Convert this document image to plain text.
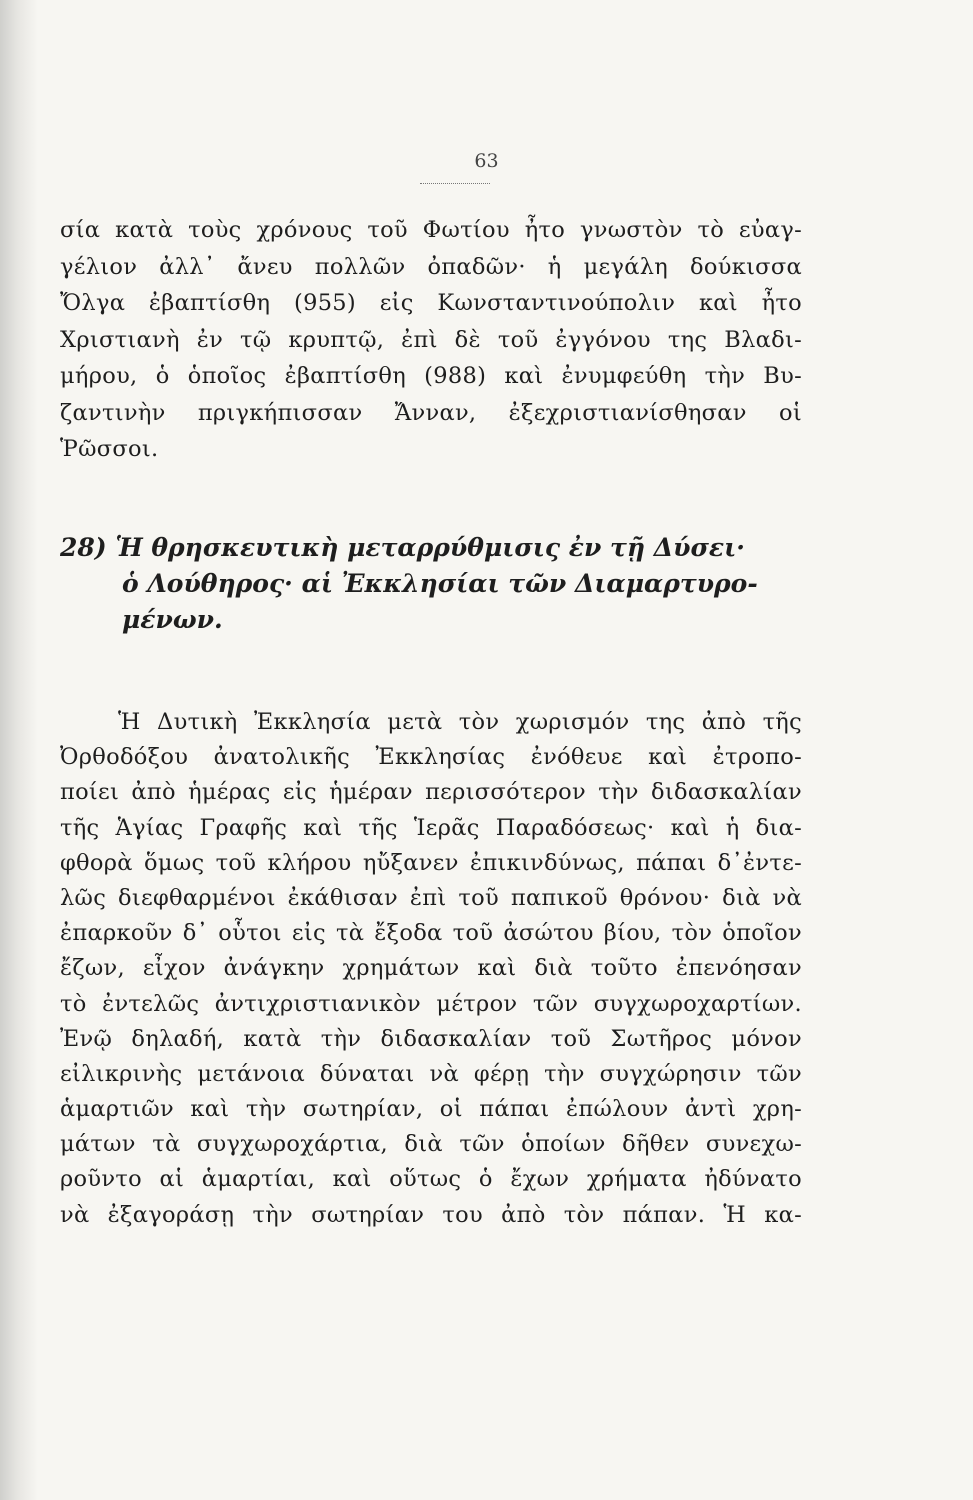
63
σία κατὰ τοὺς χρόνους τοῦ Φωτίου ἦτο γνωστὸν τὸ εὐαγ-
γέλιον ἀλλ᾽ ἄνευ πολλῶν ὀπαδῶν· ἡ μεγάλη δούκισσα
Ὄλγα ἐβαπτίσθη (955) εἰς Κωνσταντινούπολιν καὶ ἦτο
Χριστιανὴ ἐν τῷ κρυπτῷ, ἐπὶ δὲ τοῦ ἐγγόνου της Βλαδι-
μήρου, ὁ ὁποῖος ἐβαπτίσθη (988) καὶ ἐνυμφεύθη τὴν Βυ-
ζαντινὴν πριγκήπισσαν Ἄνναν, ἐξεχριστιανίσθησαν οἱ
Ῥῶσσοι.
28) Ἡ θρησκευτικὴ μεταρρύθμισις ἐν τῇ Δύσει·
ὁ Λούθηρος· αἱ Ἐκκλησίαι τῶν Διαμαρτυρο-
μένων.
Ἡ Δυτικὴ Ἐκκλησία μετὰ τὸν χωρισμόν της ἀπὸ τῆς
Ὀρθοδόξου ἀνατολικῆς Ἐκκλησίας ἐνόθευε καὶ ἐτροπο-
ποίει ἀπὸ ἡμέρας εἰς ἡμέραν περισσότερον τὴν διδασκαλίαν
τῆς Ἁγίας Γραφῆς καὶ τῆς Ἱερᾶς Παραδόσεως· καὶ ἡ δια-
φθορὰ ὅμως τοῦ κλήρου ηὔξανεν ἐπικινδύνως, πάπαι δ᾽ἐντε-
λῶς διεφθαρμένοι ἐκάθισαν ἐπὶ τοῦ παπικοῦ θρόνου· διὰ νὰ
ἐπαρκοῦν δ᾽ οὗτοι εἰς τὰ ἔξοδα τοῦ ἀσώτου βίου, τὸν ὁποῖον
ἔζων, εἶχον ἀνάγκην χρημάτων καὶ διὰ τοῦτο ἐπενόησαν
τὸ ἐντελῶς ἀντιχριστιανικὸν μέτρον τῶν συγχωροχαρτίων.
Ἐνῷ δηλαδή, κατὰ τὴν διδασκαλίαν τοῦ Σωτῆρος μόνον
εἰλικρινὴς μετάνοια δύναται νὰ φέρῃ τὴν συγχώρησιν τῶν
ἁμαρτιῶν καὶ τὴν σωτηρίαν, οἱ πάπαι ἐπώλουν ἀντὶ χρη-
μάτων τὰ συγχωροχάρτια, διὰ τῶν ὁποίων δῆθεν συνεχω-
ροῦντο αἱ ἁμαρτίαι, καὶ οὕτως ὁ ἔχων χρήματα ἠδύνατο
νὰ ἐξαγοράσῃ τὴν σωτηρίαν του ἀπὸ τὸν πάπαν. Ἡ κα-
